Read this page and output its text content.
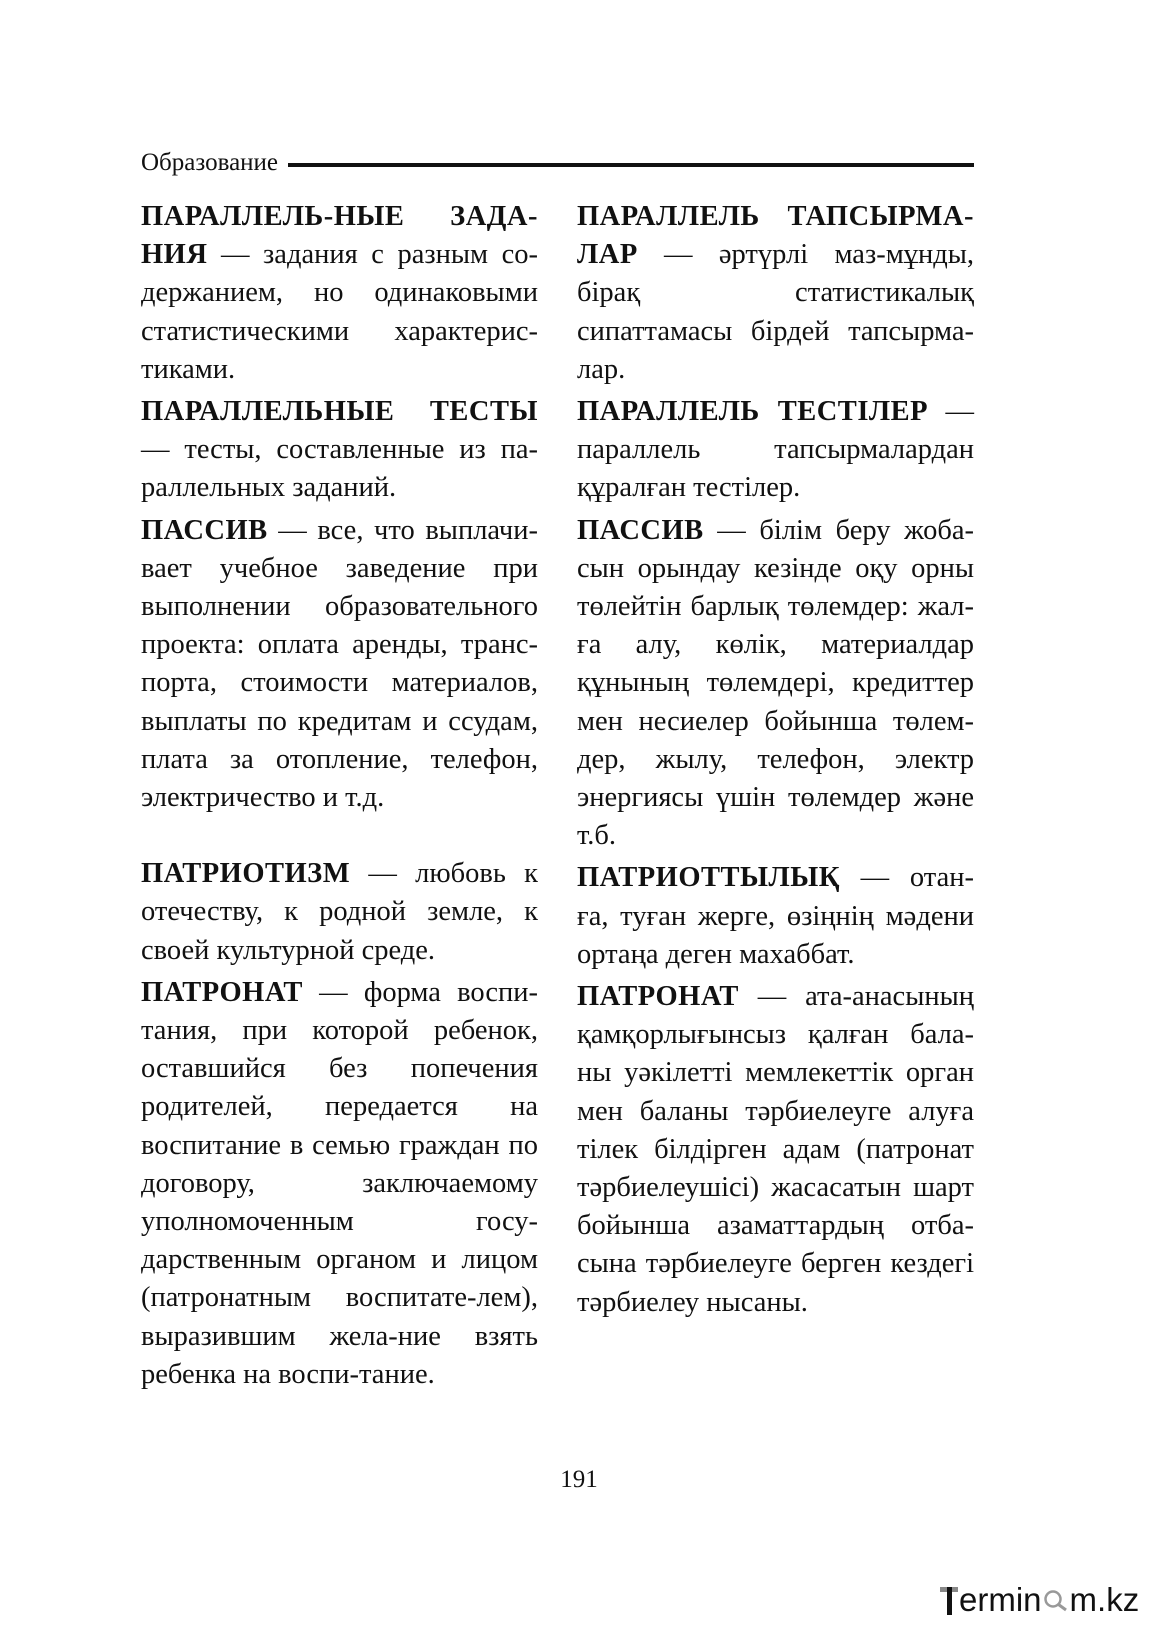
Образование

ПАРАЛЛЕЛЬ-НЫЕ ЗАДА-НИЯ — задания с разным со-держанием, но одинаковыми статистическими характерис-тиками.

ПАРАЛЛЕЛЬНЫЕ ТЕСТЫ — тесты, составленные из па-раллельных заданий.

ПАССИВ — все, что выплачи-вает учебное заведение при выполнении образовательного проекта: оплата аренды, транс-порта, стоимости материалов, выплаты по кредитам и ссудам, плата за отопление, телефон, электричество и т.д.

ПАТРИОТИЗМ — любовь к отечеству, к родной земле, к своей культурной среде.

ПАТРОНАТ — форма воспи-тания, при которой ребенок, оставшийся без попечения родителей, передается на воспитание в семью граждан по договору, заключаемому уполномоченным госу-дарственным органом и лицом (патронатным воспитате-лем), выразившим жела-ние взять ребенка на воспи-тание.

ПАРАЛЛЕЛЬ ТАПСЫРМА-ЛАР — әртүрлі маз-мұнды, бірақ статистикалық сипаттамасы бірдей тапсырма-лар.

ПАРАЛЛЕЛЬ ТЕСТІЛЕР — параллель тапсырмалардан құралған тестілер.

ПАССИВ — білім беру жоба-сын орындау кезінде оқу орны төлейтін барлық төлемдер: жал-ға алу, көлік, материалдар құнының төлемдері, кредиттер мен несиелер бойынша төлем-дер, жылу, телефон, электр энергиясы үшін төлемдер және т.б.

ПАТРИОТТЫЛЫҚ — отан-ға, туған жерге, өзіңнің мәдени ортаңа деген махаббат.

ПАТРОНАТ — ата-анасының қамқорлығынсыз қалған бала-ны уәкілетті мемлекеттік орган мен баланы тәрбиелеуге алуға тілек білдірген адам (патронат тәрбиелеушісі) жасасатын шарт бойынша азаматтардың отба-сына тәрбиелеуге берген кездегі тәрбиелеу нысаны.

191
ermin m.kz
